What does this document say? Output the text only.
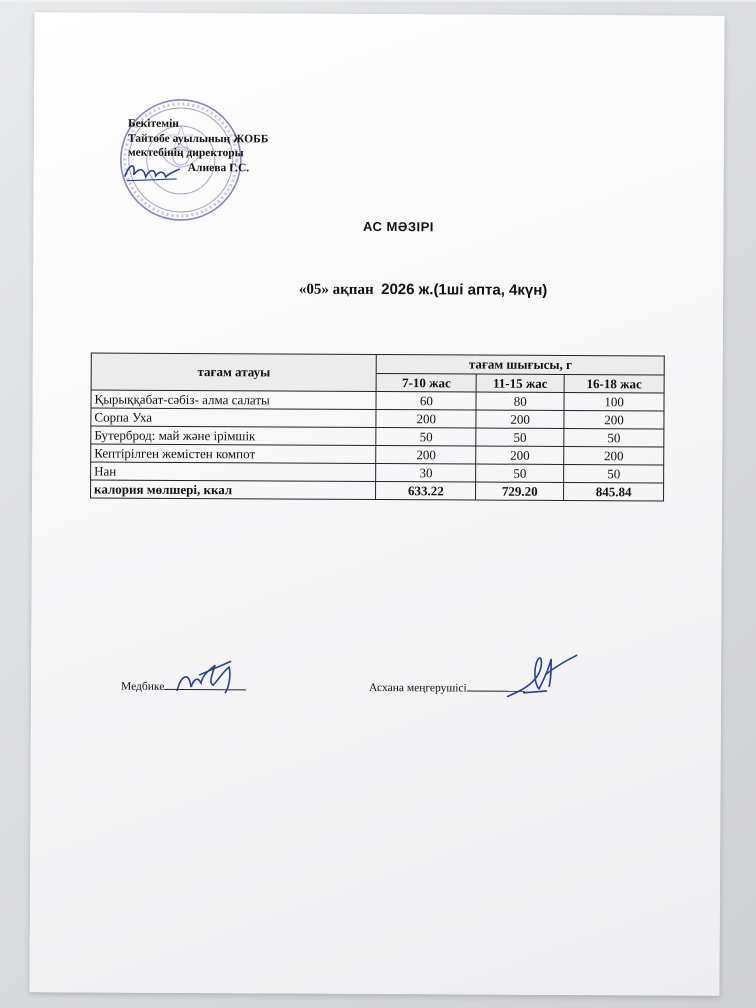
Бекітемін
Тайтөбе ауылының ЖОББ
мектебінің директоры
Алиева Г.С.
АС МӘЗІРІ
«05» ақпан 2026 ж.(1ші апта, 4күн)
тағам атауы	тағам шығысы, г		
	7-10 жас	11-15 жас	16-18 жас
Қырыққабат-сәбіз- алма салаты	60	80	100
Сорпа Уха	200	200	200
Бутерброд: май және ірімшік	50	50	50
Кептірілген жемістен компот	200	200	200
Нан	30	50	50
калория мөлшері, ккал	633.22	729.20	845.84
Медбике	Асхана меңгерушісі
